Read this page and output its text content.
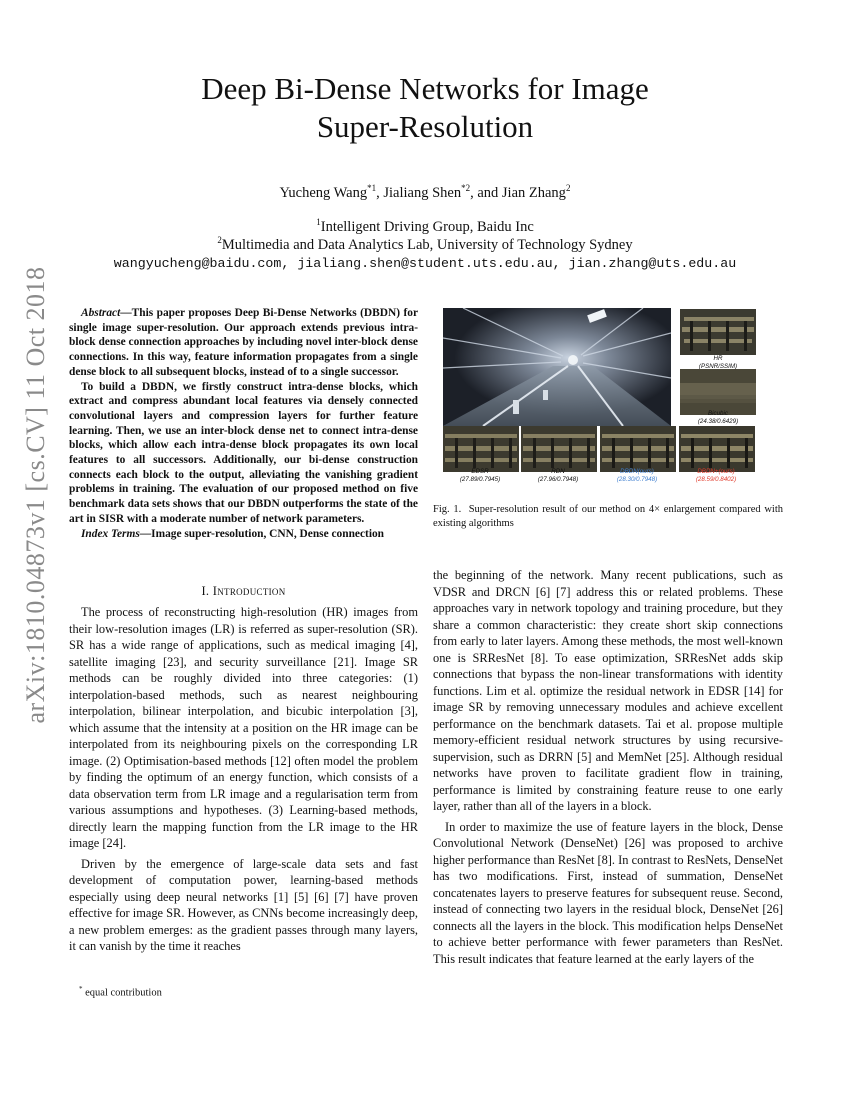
Deep Bi-Dense Networks for Image
Super-Resolution
Yucheng Wang$^{*1}$, Jialiang Shen$^{*2}$, and Jian Zhang$^2$
$^1$Intelligent Driving Group, Baidu Inc
$^2$Multimedia and Data Analytics Lab, University of Technology Sydney
wangyucheng@baidu.com, jialiang.shen@student.uts.edu.au, jian.zhang@uts.edu.au
arXiv:1810.04873v1 [cs.CV] 11 Oct 2018	Abstract—This paper proposes Deep Bi-Dense Networks (DBDN) for single image super-resolution. Our approach extends previous intra-block dense connection approaches by including novel inter-block dense connections. In this way, feature information propagates from a single dense block to all subsequent blocks, instead of to a single successor.

To build a DBDN, we firstly construct intra-dense blocks, which extract and compress abundant local features via densely connected convolutional layers and compression layers for further feature learning. Then, we use an inter-block dense net to connect intra-dense blocks, which allow each intra-dense block propagates its own local features to all successors. Additionally, our bi-dense construction connects each block to the output, alleviating the vanishing gradient problems in training. The evaluation of our proposed method on five benchmark data sets shows that our DBDN outperforms the state of the art in SISR with a moderate number of network parameters.

Index Terms—Image super-resolution, CNN, Dense connection

I. Introduction

The process of reconstructing high-resolution (HR) images from their low-resolution images (LR) is referred as super-resolution (SR). SR has a wide range of applications, such as medical imaging [4], satellite imaging [23], and security surveillance [21]. Image SR methods can be roughly divided into three categories: (1) interpolation-based methods, such as nearest neighbouring interpolation, bilinear interpolation, and bicubic interpolation [3], which assume that the intensity at a position on the HR image can be interpolated from its neighbouring pixels on the corresponding LR image. (2) Optimisation-based methods [12] often model the problem by finding the optimum of an energy function, which consists of a data observation term from LR image and a regularisation term from various assumptions and hypotheses. (3) Learning-based methods, directly learn the mapping function from the LR image to the HR image [24].

Driven by the emergence of large-scale data sets and fast development of computation power, learning-based methods especially using deep neural networks [1] [5] [6] [7] have proven effective for image SR. However, as CNNs become increasingly deep, a new problem emerges: as the gradient passes through many layers, it can vanish by the time it reaches

* equal contribution
HR
(PSNR/SSIM)
Bicubic
(24.38/0.6429)
EDSR
(27.89/0.7945)
RDN
(27.96/0.7948)
DBDN(ours)
(28.30/0.7948)
DBDN+(ours)
(28.59/0.8402)
Fig. 1. Super-resolution result of our method on 4× enlargement compared with existing algorithms

the beginning of the network. Many recent publications, such as VDSR and DRCN [6] [7] address this or related problems. These approaches vary in network topology and training procedure, but they share a common characteristic: they create short skip connections from early to later layers. Among these methods, the most well-known one is SRResNet [8]. To ease optimization, SRResNet adds skip connections that bypass the non-linear transformations with identity functions. Lim et al. optimize the residual network in EDSR [14] for image SR by removing unnecessary modules and achieve excellent performance on the benchmark datasets. Tai et al. propose multiple memory-efficient residual network structures by using recursive-supervision, such as DRRN [5] and MemNet [25]. Although residual networks have proven to facilitate gradient flow in training, performance is limited by constraining feature reuse to one early layer, rather than all of the layers in a block.

In order to maximize the use of feature layers in the block, Dense Convolutional Network (DenseNet) [26] was proposed to archive higher performance than ResNet [8]. In contrast to ResNets, DenseNet has two modifications. First, instead of summation, DenseNet concatenates layers to preserve features for subsequent reuse. Second, instead of connecting two layers in the residual block, DenseNet [26] connects all the layers in the block. This modification helps DenseNet to achieve better performance with fewer parameters than ResNet. This result indicates that feature learned at the early layers of the
